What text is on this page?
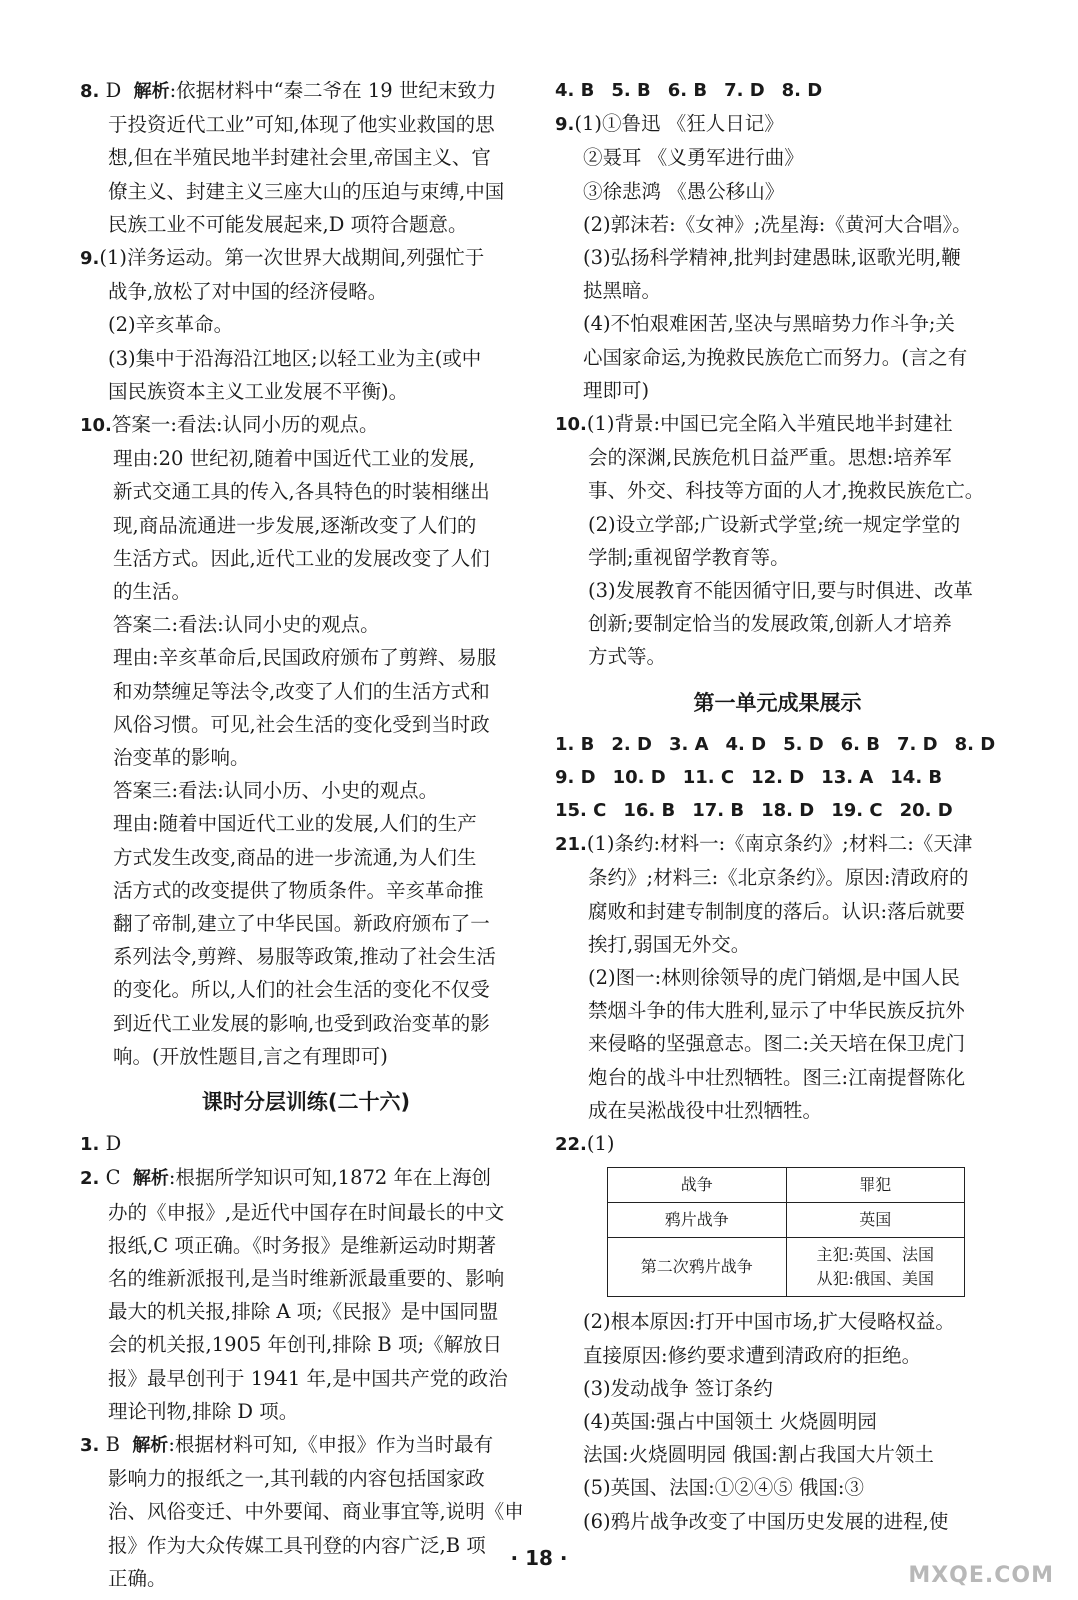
8. D  解析:依据材料中“秦二爷在 19 世纪末致力
于投资近代工业”可知,体现了他实业救国的思
想,但在半殖民地半封建社会里,帝国主义、官
僚主义、封建主义三座大山的压迫与束缚,中国
民族工业不可能发展起来,D 项符合题意。
9.(1)洋务运动。第一次世界大战期间,列强忙于
战争,放松了对中国的经济侵略。
(2)辛亥革命。
(3)集中于沿海沿江地区;以轻工业为主(或中
国民族资本主义工业发展不平衡)。
10.答案一:看法:认同小历的观点。
理由:20 世纪初,随着中国近代工业的发展,
新式交通工具的传入,各具特色的时装相继出
现,商品流通进一步发展,逐渐改变了人们的
生活方式。因此,近代工业的发展改变了人们
的生活。
答案二:看法:认同小史的观点。
理由:辛亥革命后,民国政府颁布了剪辫、易服
和劝禁缠足等法令,改变了人们的生活方式和
风俗习惯。可见,社会生活的变化受到当时政
治变革的影响。
答案三:看法:认同小历、小史的观点。
理由:随着中国近代工业的发展,人们的生产
方式发生改变,商品的进一步流通,为人们生
活方式的改变提供了物质条件。辛亥革命推
翻了帝制,建立了中华民国。新政府颁布了一
系列法令,剪辫、易服等政策,推动了社会生活
的变化。所以,人们的社会生活的变化不仅受
到近代工业发展的影响,也受到政治变革的影
响。(开放性题目,言之有理即可)
课时分层训练(二十六)
1. D
2. C  解析:根据所学知识可知,1872 年在上海创
办的《申报》,是近代中国存在时间最长的中文
报纸,C 项正确。《时务报》是维新运动时期著
名的维新派报刊,是当时维新派最重要的、影响
最大的机关报,排除 A 项;《民报》是中国同盟
会的机关报,1905 年创刊,排除 B 项;《解放日
报》最早创刊于 1941 年,是中国共产党的政治
理论刊物,排除 D 项。
3. B  解析:根据材料可知,《申报》作为当时最有
影响力的报纸之一,其刊载的内容包括国家政
治、风俗变迁、中外要闻、商业事宜等,说明《申
报》作为大众传媒工具刊登的内容广泛,B 项
正确。
4. B 5. B 6. B 7. D 8. D
9.(1)①鲁迅 《狂人日记》
②聂耳 《义勇军进行曲》
③徐悲鸿 《愚公移山》
(2)郭沫若:《女神》;冼星海:《黄河大合唱》。
(3)弘扬科学精神,批判封建愚昧,讴歌光明,鞭
挞黑暗。
(4)不怕艰难困苦,坚决与黑暗势力作斗争;关
心国家命运,为挽救民族危亡而努力。(言之有
理即可)
10.(1)背景:中国已完全陷入半殖民地半封建社
会的深渊,民族危机日益严重。思想:培养军
事、外交、科技等方面的人才,挽救民族危亡。
(2)设立学部;广设新式学堂;统一规定学堂的
学制;重视留学教育等。
(3)发展教育不能因循守旧,要与时俱进、改革
创新;要制定恰当的发展政策,创新人才培养
方式等。
第一单元成果展示
1. B 2. D 3. A 4. D 5. D 6. B 7. D 8. D
9. D 10. D 11. C 12. D 13. A 14. B
15. C 16. B 17. B 18. D 19. C 20. D
21.(1)条约:材料一:《南京条约》;材料二:《天津
条约》;材料三:《北京条约》。原因:清政府的
腐败和封建专制制度的落后。认识:落后就要
挨打,弱国无外交。
(2)图一:林则徐领导的虎门销烟,是中国人民
禁烟斗争的伟大胜利,显示了中华民族反抗外
来侵略的坚强意志。图二:关天培在保卫虎门
炮台的战斗中壮烈牺牲。图三:江南提督陈化
成在吴淞战役中壮烈牺牲。
22.(1)
战争	罪犯
鸦片战争	英国
第二次鸦片战争	主犯:英国、法国
从犯:俄国、美国
(2)根本原因:打开中国市场,扩大侵略权益。
直接原因:修约要求遭到清政府的拒绝。
(3)发动战争 签订条约
(4)英国:强占中国领土 火烧圆明园
法国:火烧圆明园 俄国:割占我国大片领土
(5)英国、法国:①②④⑤ 俄国:③
(6)鸦片战争改变了中国历史发展的进程,使
· 18 ·
MXQE.COM
